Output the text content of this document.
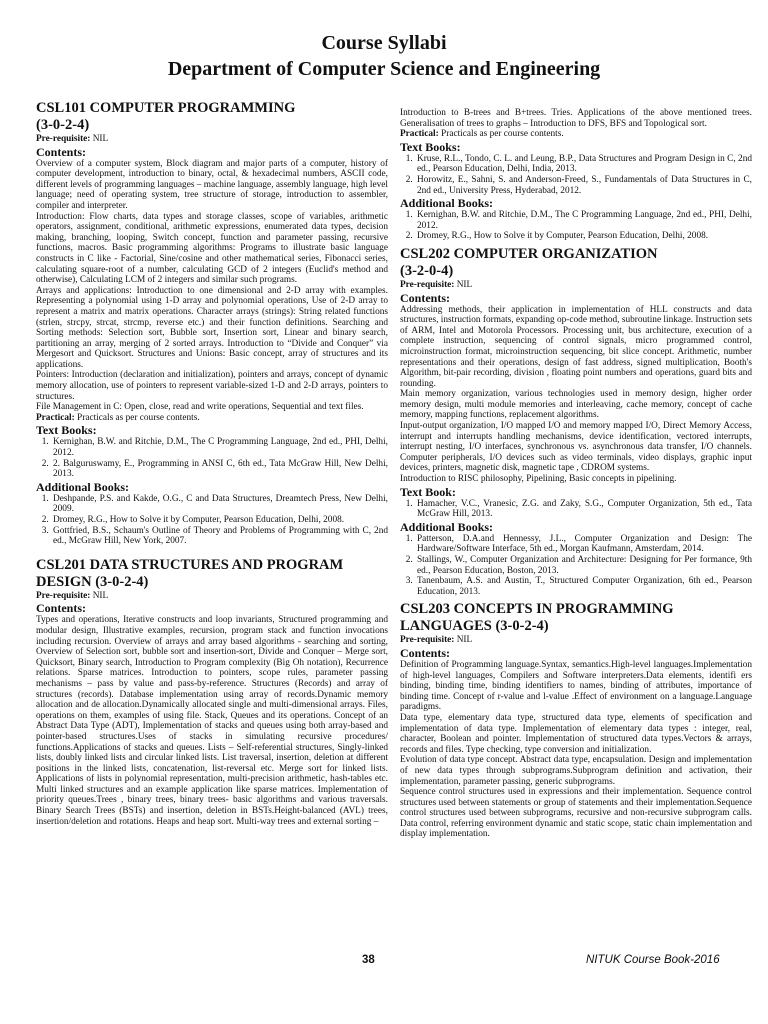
Course Syllabi
Department of Computer Science and Engineering
CSL101 COMPUTER PROGRAMMING
(3-0-2-4)

Pre-requisite: NIL

Contents:

Overview of a computer system, Block diagram and major parts of a computer, history of computer development, introduction to binary, octal, & hexadecimal numbers, ASCII code, different levels of programming languages – machine language, assembly language, high level language; need of operating system, tree structure of storage, introduction to assembler, compiler and interpreter.

Introduction: Flow charts, data types and storage classes, scope of variables, arithmetic operators, assignment, conditional, arithmetic expressions, enumerated data types, decision making, branching, looping, Switch concept, function and parameter passing, recursive functions, macros. Basic programming algorithms: Programs to illustrate basic language constructs in C like - Factorial, Sine/cosine and other mathematical series, Fibonacci series, calculating square-root of a number, calculating GCD of 2 integers (Euclid's method and otherwise), Calculating LCM of 2 integers and similar such programs.

Arrays and applications: Introduction to one dimensional and 2-D array with examples. Representing a polynomial using 1-D array and polynomial operations, Use of 2-D array to represent a matrix and matrix operations. Character arrays (strings): String related functions (strlen, strcpy, strcat, strcmp, reverse etc.) and their function definitions. Searching and Sorting methods: Selection sort, Bubble sort, Insertion sort, Linear and binary search, partitioning an array, merging of 2 sorted arrays. Introduction to “Divide and Conquer” via Mergesort and Quicksort. Structures and Unions: Basic concept, array of structures and its applications.

Pointers: Introduction (declaration and initialization), pointers and arrays, concept of dynamic memory allocation, use of pointers to represent variable-sized 1-D and 2-D arrays, pointers to structures.

File Management in C: Open, close, read and write operations, Sequential and text files.

Practical: Practicals as per course contents.

Text Books:
1. Kernighan, B.W. and Ritchie, D.M., The C Programming Language, 2nd ed., PHI, Delhi, 2012.
2. 2. Balguruswamy, E., Programming in ANSI C, 6th ed., Tata McGraw Hill, New Delhi, 2013.
Additional Books:
1. Deshpande, P.S. and Kakde, O.G., C and Data Structures, Dreamtech Press, New Delhi, 2009.
2. Dromey, R.G., How to Solve it by Computer, Pearson Education, Delhi, 2008.
3. Gottfried, B.S., Schaum's Outline of Theory and Problems of Programming with C, 2nd ed., McGraw Hill, New York, 2007.
CSL201 DATA STRUCTURES AND PROGRAM DESIGN (3-0-2-4)

Pre-requisite: NIL

Contents:

Types and operations, Iterative constructs and loop invariants, Structured programming and modular design, Illustrative examples, recursion, program stack and function invocations including recursion. Overview of arrays and array based algorithms - searching and sorting, Overview of Selection sort, bubble sort and insertion-sort, Divide and Conquer – Merge sort, Quicksort, Binary search, Introduction to Program complexity (Big Oh notation), Recurrence relations. Sparse matrices. Introduction to pointers, scope rules, parameter passing mechanisms – pass by value and pass-by-reference. Structures (Records) and array of structures (records). Database implementation using array of records.Dynamic memory allocation and de allocation.Dynamically allocated single and multi-dimensional arrays. Files, operations on them, examples of using file. Stack, Queues and its operations. Concept of an Abstract Data Type (ADT), Implementation of stacks and queues using both array-based and pointer-based structures.Uses of stacks in simulating recursive procedures/ functions.Applications of stacks and queues. Lists – Self-referential structures, Singly-linked lists, doubly linked lists and circular linked lists. List traversal, insertion, deletion at different positions in the linked lists, concatenation, list-reversal etc. Merge sort for linked lists. Applications of lists in polynomial representation, multi-precision arithmetic, hash-tables etc. Multi linked structures and an example application like sparse matrices. Implementation of priority queues.Trees , binary trees, binary trees- basic algorithms and various traversals. Binary Search Trees (BSTs) and insertion, deletion in BSTs.Height-balanced (AVL) trees, insertion/deletion and rotations. Heaps and heap sort. Multi-way trees and external sorting –

Introduction to B-trees and B+trees. Tries. Applications of the above mentioned trees. Generalisation of trees to graphs – Introduction to DFS, BFS and Topological sort.

Practical: Practicals as per course contents.

Text Books:
1. Kruse, R.L., Tondo, C. L. and Leung, B.P., Data Structures and Program Design in C, 2nd ed., Pearson Education, Delhi, India, 2013.
2. Horowitz, E., Sahni, S. and Anderson-Freed, S., Fundamentals of Data Structures in C, 2nd ed., University Press, Hyderabad, 2012.
Additional Books:
1. Kernighan, B.W. and Ritchie, D.M., The C Programming Language, 2nd ed., PHI, Delhi, 2012.
2. Dromey, R.G., How to Solve it by Computer, Pearson Education, Delhi, 2008.
CSL202 COMPUTER ORGANIZATION
(3-2-0-4)

Pre-requisite: NIL

Contents:

Addressing methods, their application in implementation of HLL constructs and data structures, instruction formats, expanding op-code method, subroutine linkage. Instruction sets of ARM, Intel and Motorola Processors. Processing unit, bus architecture, execution of a complete instruction, sequencing of control signals, micro programmed control, microinstruction format, microinstruction sequencing, bit slice concept. Arithmetic, number representations and their operations, design of fast address, signed multiplication, Booth's Algorithm, bit-pair recording, division , floating point numbers and operations, guard bits and rounding.

Main memory organization, various technologies used in memory design, higher order memory design, multi module memories and interleaving, cache memory, concept of cache memory, mapping functions, replacement algorithms.

Input-output organization, I/O mapped I/O and memory mapped I/O, Direct Memory Access, interrupt and interrupts handling mechanisms, device identification, vectored interrupts, interrupt nesting, I/O interfaces, synchronous vs. asynchronous data transfer, I/O channels. Computer peripherals, I/O devices such as video terminals, video displays, graphic input devices, printers, magnetic disk, magnetic tape , CDROM systems.

Introduction to RISC philosophy, Pipelining, Basic concepts in pipelining.

Text Book:
1. Hamacher, V.C., Vranesic, Z.G. and Zaky, S.G., Computer Organization, 5th ed., Tata McGraw Hill, 2013.
Additional Books:
1. Patterson, D.A.and Hennessy, J.L., Computer Organization and Design: The Hardware/Software Interface, 5th ed., Morgan Kaufmann, Amsterdam, 2014.
2. Stallings, W., Computer Organization and Architecture: Designing for Per formance, 9th ed., Pearson Education, Boston, 2013.
3. Tanenbaum, A.S. and Austin, T., Structured Computer Organization, 6th ed., Pearson Education, 2013.
CSL203 CONCEPTS IN PROGRAMMING LANGUAGES (3-0-2-4)

Pre-requisite: NIL

Contents:

Definition of Programming language.Syntax, semantics.High-level languages.Implementation of high-level languages, Compilers and Software interpreters.Data elements, identifi ers binding, binding time, binding identifiers to names, binding of attributes, importance of binding time. Concept of r-value and l-value .Effect of environment on a language.Language paradigms.

Data type, elementary data type, structured data type, elements of specification and implementation of data type. Implementation of elementary data types : integer, real, character, Boolean and pointer. Implementation of structured data types.Vectors & arrays, records and files. Type checking, type conversion and initialization.

Evolution of data type concept. Abstract data type, encapsulation. Design and implementation of new data types through subprograms.Subprogram definition and activation, their implementation, parameter passing, generic subprograms.

Sequence control structures used in expressions and their implementation. Sequence control structures used between statements or group of statements and their implementation.Sequence control structures used between subprograms, recursive and non-recursive subprogram calls. Data control, referring environment dynamic and static scope, static chain implementation and display implementation.

38	NITUK Course Book-2016
